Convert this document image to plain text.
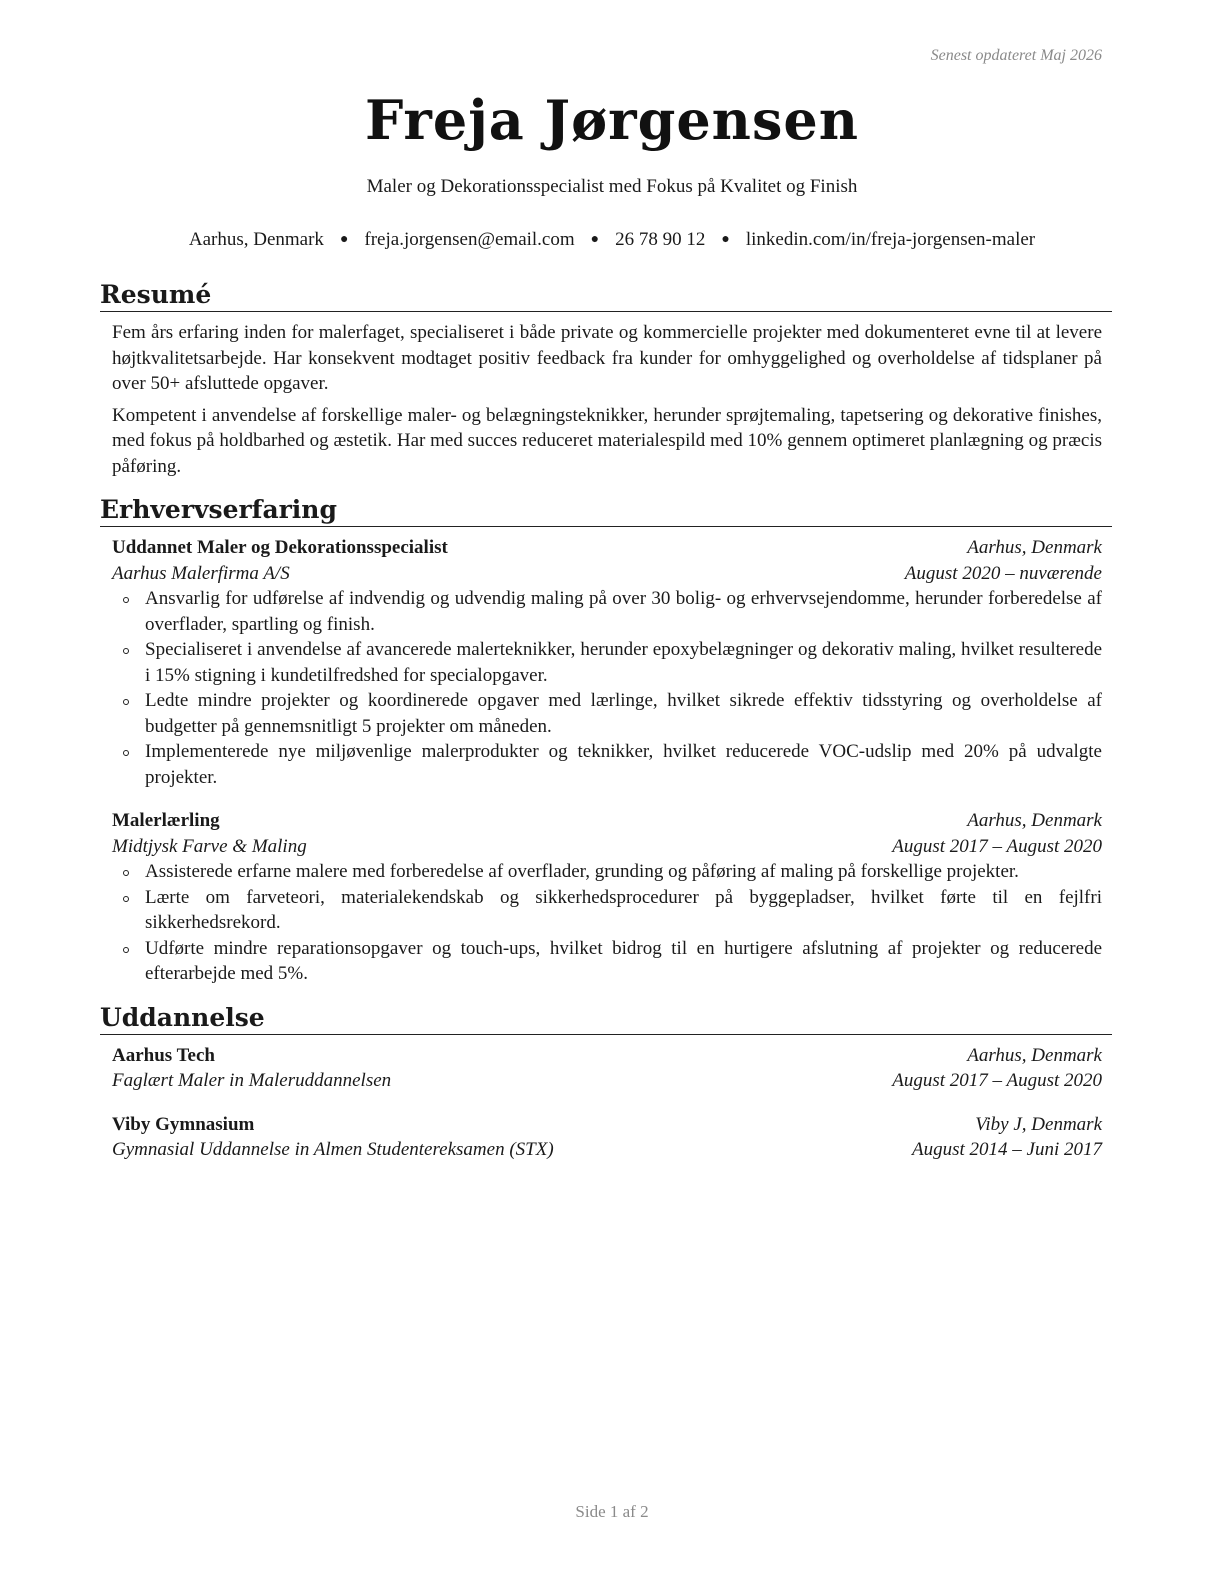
Senest opdateret Maj 2026
Freja Jørgensen
Maler og Dekorationsspecialist med Fokus på Kvalitet og Finish
Aarhus, Denmark ● freja.jorgensen@email.com ● 26 78 90 12 ● linkedin.com/in/freja-jorgensen-maler
Resumé

Fem års erfaring inden for malerfaget, specialiseret i både private og kommercielle projekter med dokumenteret evne til at levere højtkvalitetsarbejde. Har konsekvent modtaget positiv feedback fra kunder for omhyggelighed og overholdelse af tidsplaner på over 50+ afsluttede opgaver.

Kompetent i anvendelse af forskellige maler- og belægningsteknikker, herunder sprøjtemaling, tapetsering og dekorative finishes, med fokus på holdbarhed og æstetik. Har med succes reduceret materialespild med 10% gennem optimeret planlægning og præcis påføring.

Erhvervserfaring
Uddannet Maler og Dekorationsspecialist	Aarhus, Denmark
Aarhus Malerfirma A/S	August 2020 – nuværende
Ansvarlig for udførelse af indvendig og udvendig maling på over 30 bolig- og erhvervsejendomme, herunder forberedelse af overflader, spartling og finish.
Specialiseret i anvendelse af avancerede malerteknikker, herunder epoxybelægninger og dekorativ maling, hvilket resulterede i 15% stigning i kundetilfredshed for specialopgaver.
Ledte mindre projekter og koordinerede opgaver med lærlinge, hvilket sikrede effektiv tidsstyring og overholdelse af budgetter på gennemsnitligt 5 projekter om måneden.
Implementerede nye miljøvenlige malerprodukter og teknikker, hvilket reducerede VOC-udslip med 20% på udvalgte projekter.
Malerlærling	Aarhus, Denmark
Midtjysk Farve & Maling	August 2017 – August 2020
Assisterede erfarne malere med forberedelse af overflader, grunding og påføring af maling på forskellige projekter.
Lærte om farveteori, materialekendskab og sikkerhedsprocedurer på byggepladser, hvilket førte til en fejlfri sikkerhedsrekord.
Udførte mindre reparationsopgaver og touch-ups, hvilket bidrog til en hurtigere afslutning af projekter og reducerede efterarbejde med 5%.
Uddannelse
Aarhus Tech	Aarhus, Denmark
Faglært Maler in Maleruddannelsen	August 2017 – August 2020
Viby Gymnasium	Viby J, Denmark
Gymnasial Uddannelse in Almen Studentereksamen (STX)	August 2014 – Juni 2017
Side 1 af 2
